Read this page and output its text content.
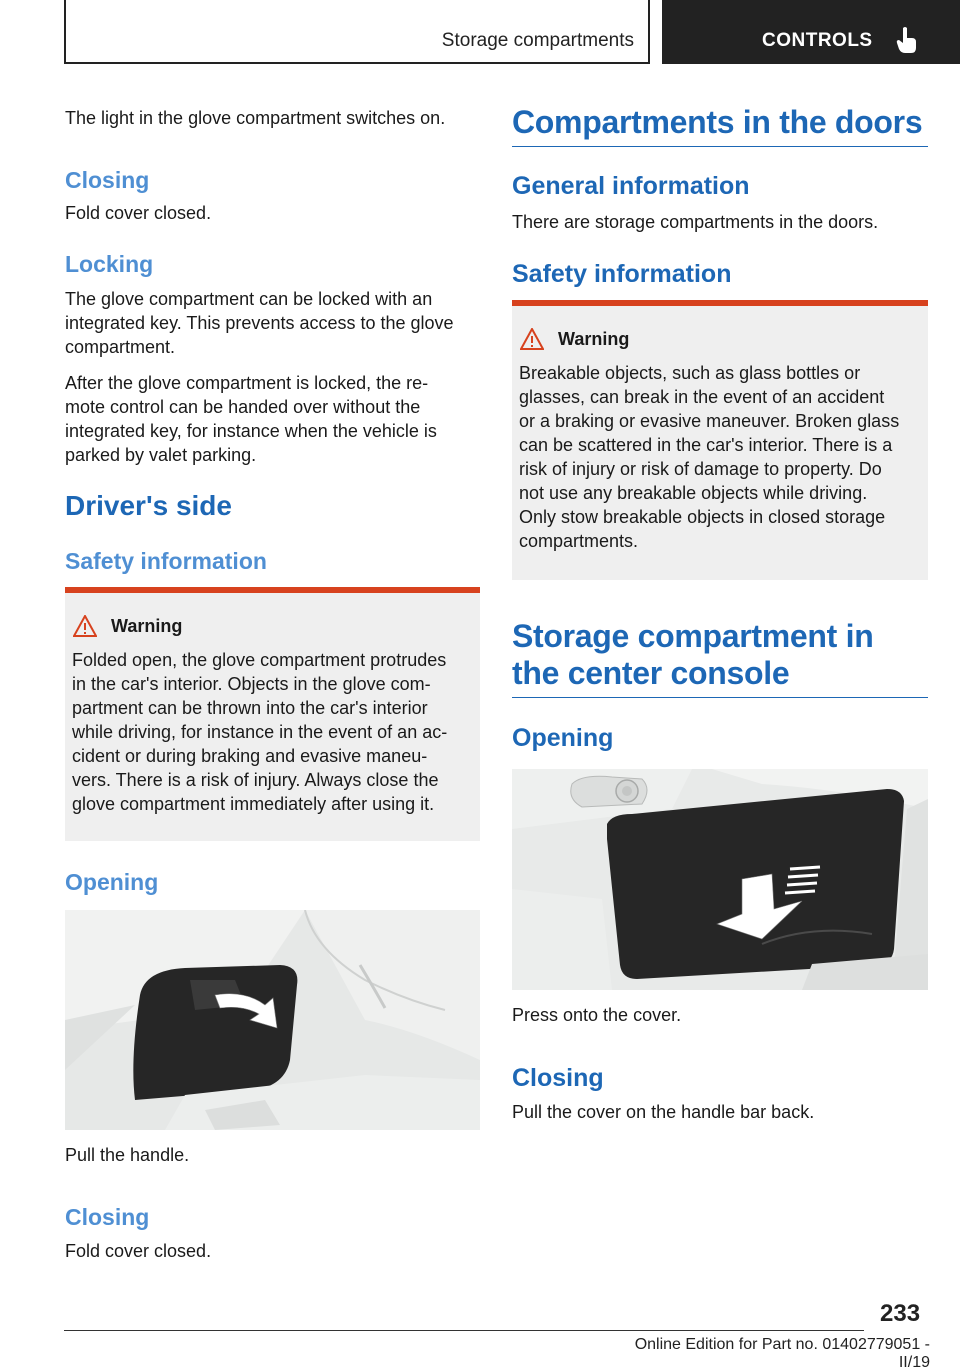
Storage compartments	CONTROLS
The light in the glove compartment switches on.
Closing
Fold cover closed.
Locking
The glove compartment can be locked with an
integrated key. This prevents access to the glove
compartment.
After the glove compartment is locked, the re-
mote control can be handed over without the
integrated key, for instance when the vehicle is
parked by valet parking.
Driver's side
Safety information
Warning
Folded open, the glove compartment protrudes
in the car's interior. Objects in the glove com-
partment can be thrown into the car's interior
while driving, for instance in the event of an ac-
cident or during braking and evasive maneu-
vers. There is a risk of injury. Always close the
glove compartment immediately after using it.
Opening
Pull the handle.
Closing
Fold cover closed.
Compartments in the doors
General information
There are storage compartments in the doors.
Safety information
Warning
Breakable objects, such as glass bottles or
glasses, can break in the event of an accident
or a braking or evasive maneuver. Broken glass
can be scattered in the car's interior. There is a
risk of injury or risk of damage to property. Do
not use any breakable objects while driving.
Only stow breakable objects in closed storage
compartments.
Storage compartment in
the center console
Opening
Press onto the cover.
Closing
Pull the cover on the handle bar back.
233
Online Edition for Part no. 01402779051 - II/19
